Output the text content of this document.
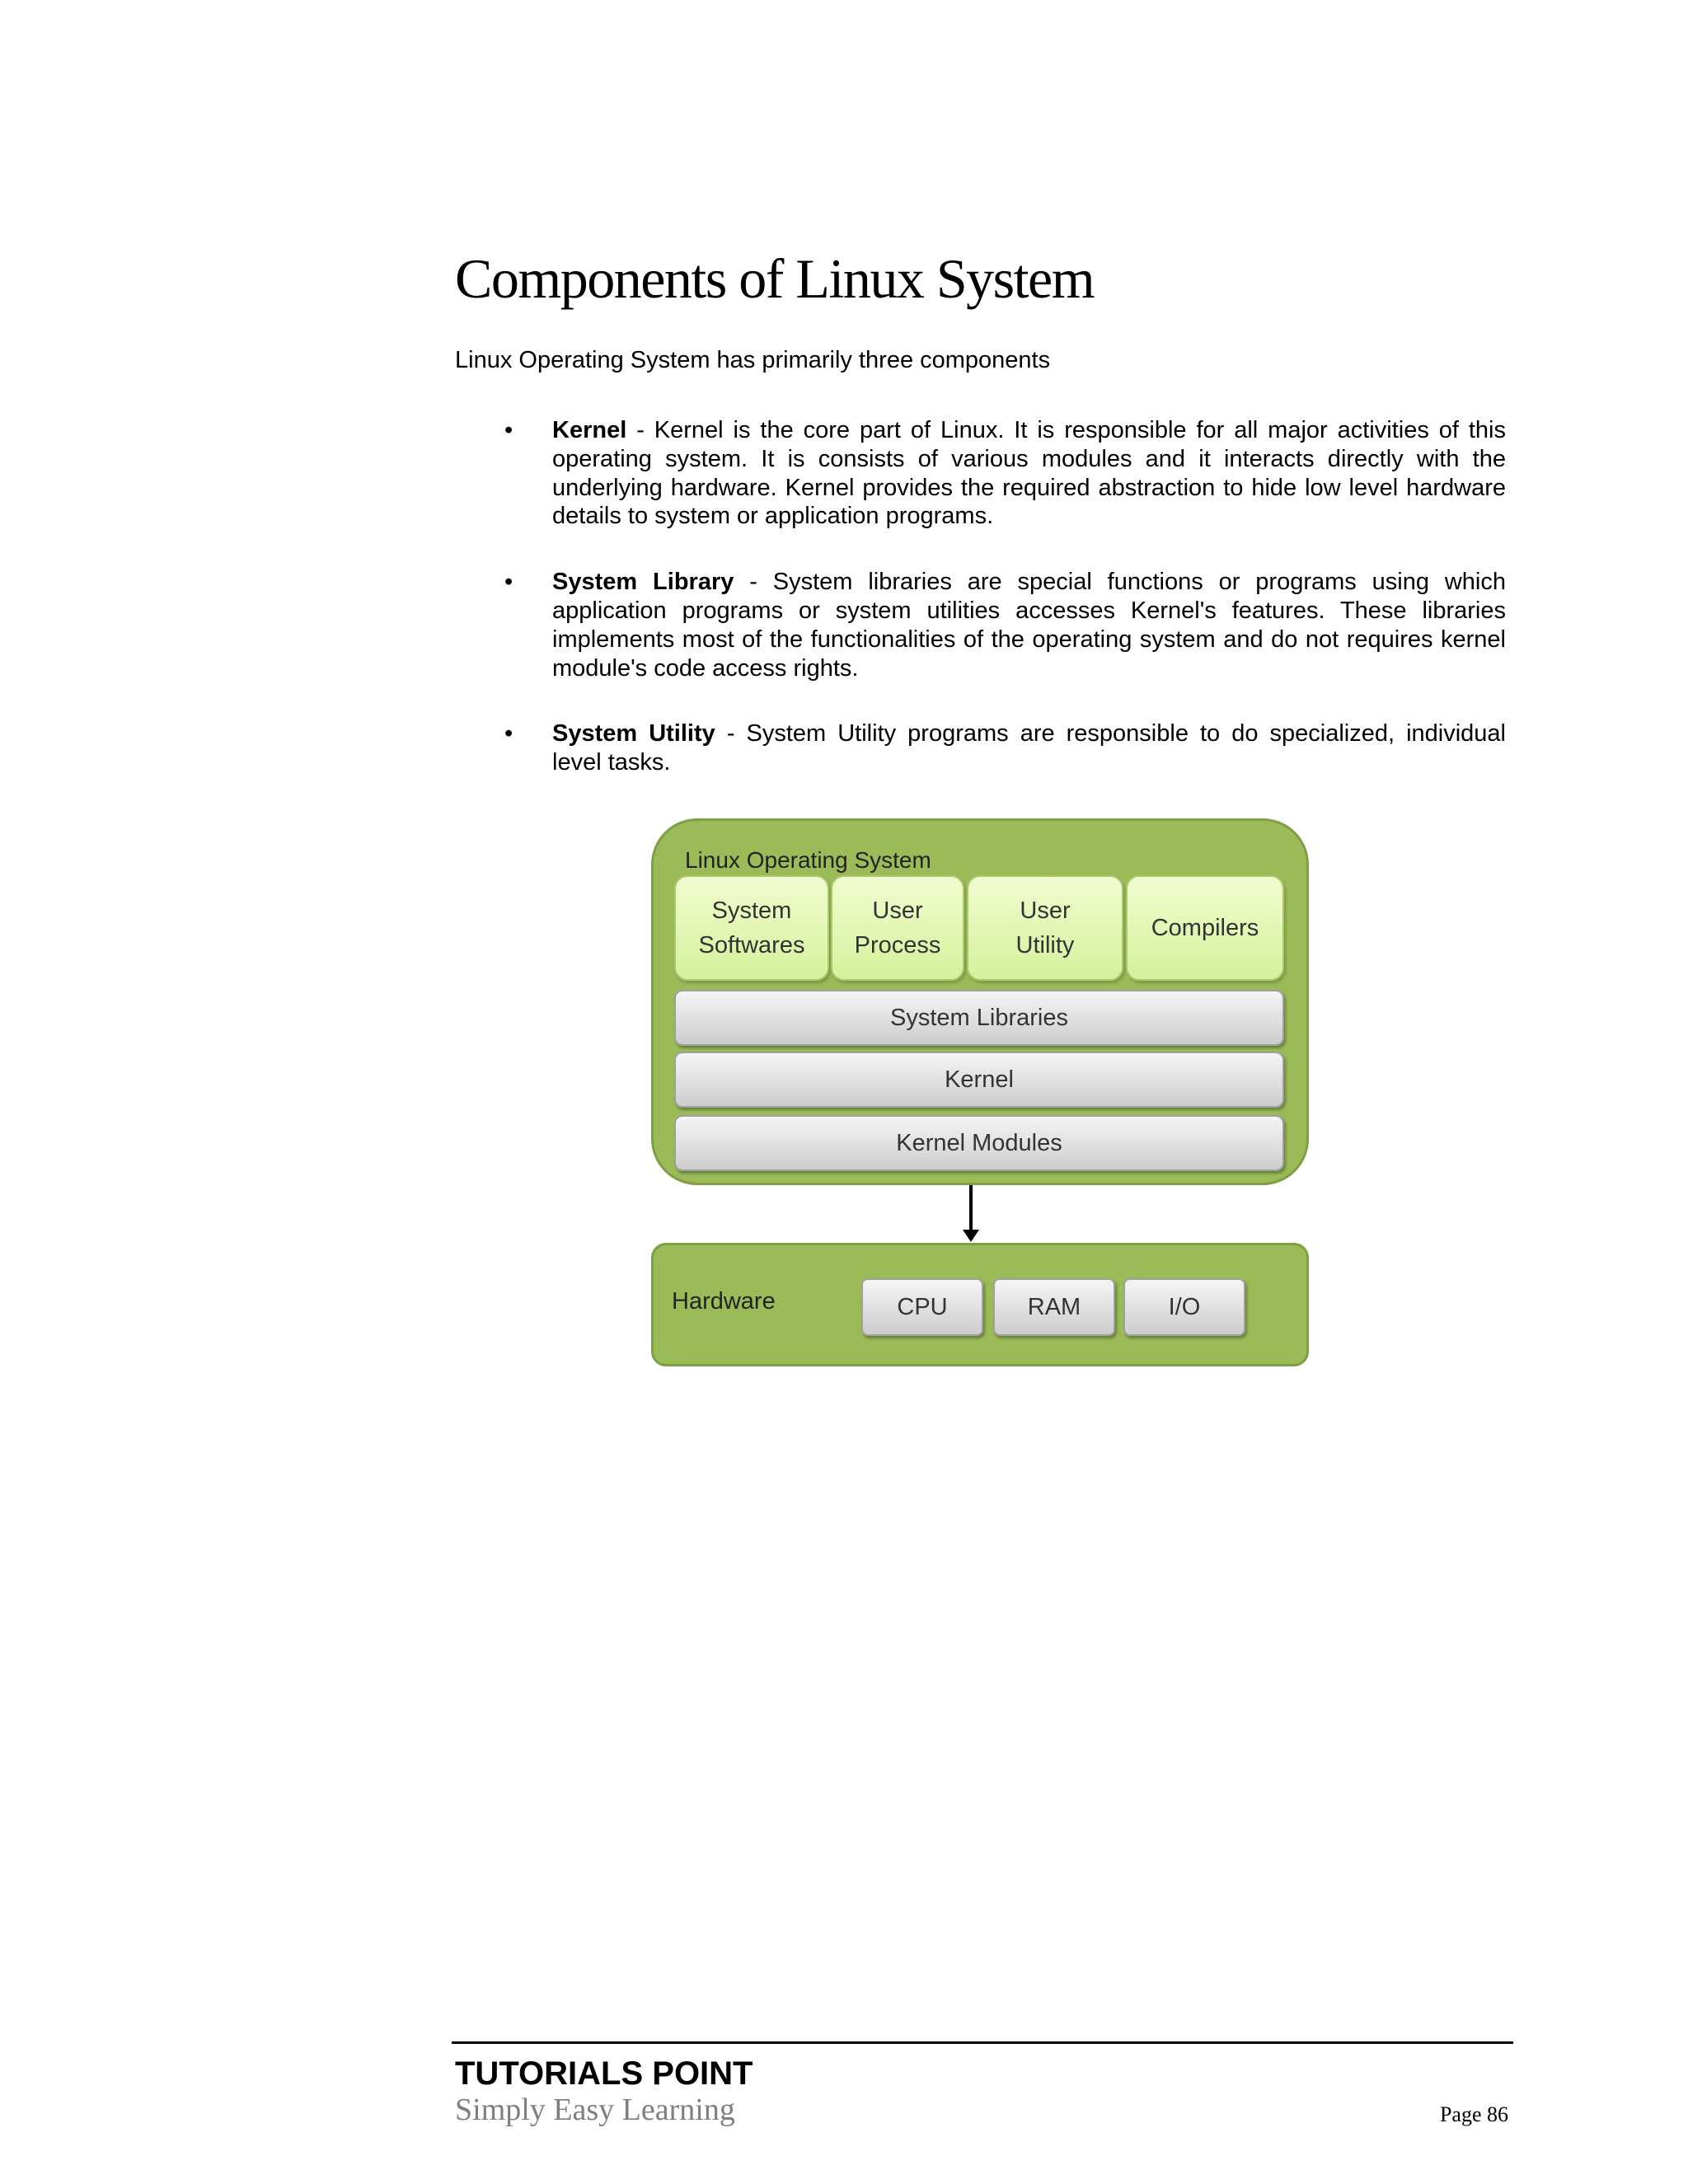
Components of Linux System

Linux Operating System has primarily three components

• Kernel - Kernel is the core part of Linux. It is responsible for all major activities of this operating system. It is consists of various modules and it interacts directly with the underlying hardware. Kernel provides the required abstraction to hide low level hardware details to system or application programs.
• System Library - System libraries are special functions or programs using which application programs or system utilities accesses Kernel's features. These libraries implements most of the functionalities of the operating system and do not requires kernel module's code access rights.
• System Utility - System Utility programs are responsible to do specialized, individual level tasks.
Linux Operating System
System
Softwares
User
Process
User
Utility
Compilers
System Libraries
Kernel
Kernel Modules
Hardware	CPU	RAM	I/O
TUTORIALS POINT
Simply Easy Learning	Page 86
